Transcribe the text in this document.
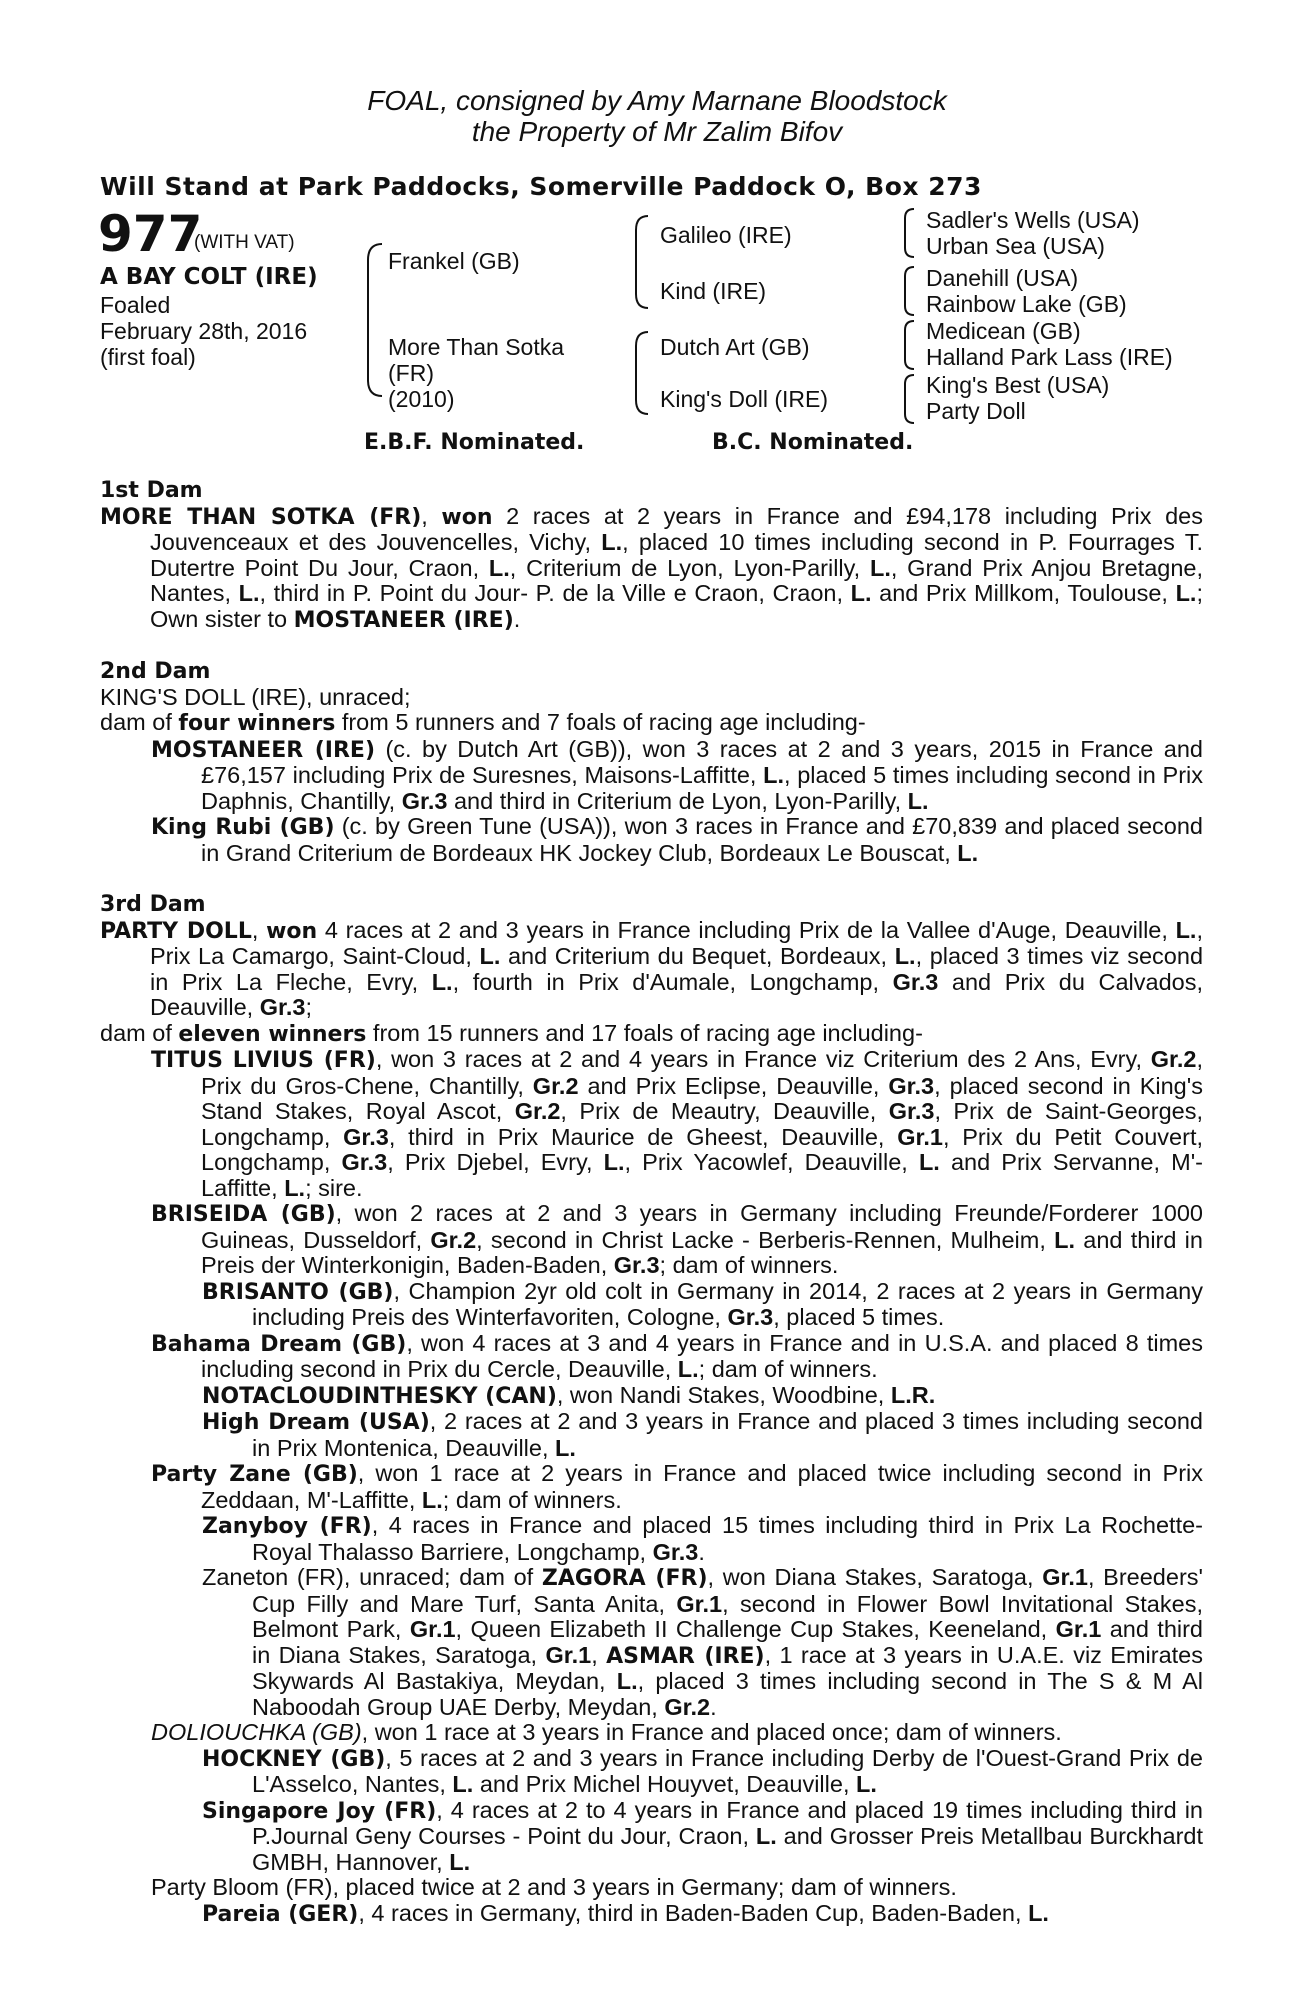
FOAL, consigned by Amy Marnane Bloodstock
the Property of Mr Zalim Bifov
Will Stand at Park Paddocks, Somerville Paddock O, Box 273
977
(WITH VAT)
A BAY COLT (IRE)
Foaled
February 28th, 2016
(first foal)
Frankel (GB)
More Than Sotka
(FR)
(2010)
Galileo (IRE)
Kind (IRE)
Dutch Art (GB)
King's Doll (IRE)
Sadler's Wells (USA)
Urban Sea (USA)
Danehill (USA)
Rainbow Lake (GB)
Medicean (GB)
Halland Park Lass (IRE)
King's Best (USA)
Party Doll
E.B.F. Nominated.	B.C. Nominated.
1st Dam

MORE THAN SOTKA (FR), won 2 races at 2 years in France and £94,178 including Prix des Jouvenceaux et des Jouvencelles, Vichy, L., placed 10 times including second in P. Fourrages T. Dutertre Point Du Jour, Craon, L., Criterium de Lyon, Lyon-Parilly, L., Grand Prix Anjou Bretagne, Nantes, L., third in P. Point du Jour- P. de la Ville e Craon, Craon, L. and Prix Millkom, Toulouse, L.; Own sister to MOSTANEER (IRE).

2nd Dam

KING'S DOLL (IRE), unraced;

dam of four winners from 5 runners and 7 foals of racing age including-

MOSTANEER (IRE) (c. by Dutch Art (GB)), won 3 races at 2 and 3 years, 2015 in France and £76,157 including Prix de Suresnes, Maisons-Laffitte, L., placed 5 times including second in Prix Daphnis, Chantilly, Gr.3 and third in Criterium de Lyon, Lyon-Parilly, L.

King Rubi (GB) (c. by Green Tune (USA)), won 3 races in France and £70,839 and placed second in Grand Criterium de Bordeaux HK Jockey Club, Bordeaux Le Bouscat, L.

3rd Dam

PARTY DOLL, won 4 races at 2 and 3 years in France including Prix de la Vallee d'Auge, Deauville, L., Prix La Camargo, Saint-Cloud, L. and Criterium du Bequet, Bordeaux, L., placed 3 times viz second in Prix La Fleche, Evry, L., fourth in Prix d'Aumale, Longchamp, Gr.3 and Prix du Calvados, Deauville, Gr.3;

dam of eleven winners from 15 runners and 17 foals of racing age including-

TITUS LIVIUS (FR), won 3 races at 2 and 4 years in France viz Criterium des 2 Ans, Evry, Gr.2, Prix du Gros-Chene, Chantilly, Gr.2 and Prix Eclipse, Deauville, Gr.3, placed second in King's Stand Stakes, Royal Ascot, Gr.2, Prix de Meautry, Deauville, Gr.3, Prix de Saint-Georges, Longchamp, Gr.3, third in Prix Maurice de Gheest, Deauville, Gr.1, Prix du Petit Couvert, Longchamp, Gr.3, Prix Djebel, Evry, L., Prix Yacowlef, Deauville, L. and Prix Servanne, M'-Laffitte, L.; sire.

BRISEIDA (GB), won 2 races at 2 and 3 years in Germany including Freunde/Forderer 1000 Guineas, Dusseldorf, Gr.2, second in Christ Lacke - Berberis-Rennen, Mulheim, L. and third in Preis der Winterkonigin, Baden-Baden, Gr.3; dam of winners.

BRISANTO (GB), Champion 2yr old colt in Germany in 2014, 2 races at 2 years in Germany including Preis des Winterfavoriten, Cologne, Gr.3, placed 5 times.

Bahama Dream (GB), won 4 races at 3 and 4 years in France and in U.S.A. and placed 8 times including second in Prix du Cercle, Deauville, L.; dam of winners.

NOTACLOUDINTHESKY (CAN), won Nandi Stakes, Woodbine, L.R.

High Dream (USA), 2 races at 2 and 3 years in France and placed 3 times including second in Prix Montenica, Deauville, L.

Party Zane (GB), won 1 race at 2 years in France and placed twice including second in Prix Zeddaan, M'-Laffitte, L.; dam of winners.

Zanyboy (FR), 4 races in France and placed 15 times including third in Prix La Rochette-Royal Thalasso Barriere, Longchamp, Gr.3.

Zaneton (FR), unraced; dam of ZAGORA (FR), won Diana Stakes, Saratoga, Gr.1, Breeders' Cup Filly and Mare Turf, Santa Anita, Gr.1, second in Flower Bowl Invitational Stakes, Belmont Park, Gr.1, Queen Elizabeth II Challenge Cup Stakes, Keeneland, Gr.1 and third in Diana Stakes, Saratoga, Gr.1, ASMAR (IRE), 1 race at 3 years in U.A.E. viz Emirates Skywards Al Bastakiya, Meydan, L., placed 3 times including second in The S & M Al Naboodah Group UAE Derby, Meydan, Gr.2.

DOLIOUCHKA (GB), won 1 race at 3 years in France and placed once; dam of winners.

HOCKNEY (GB), 5 races at 2 and 3 years in France including Derby de l'Ouest-Grand Prix de L'Asselco, Nantes, L. and Prix Michel Houyvet, Deauville, L.

Singapore Joy (FR), 4 races at 2 to 4 years in France and placed 19 times including third in P.Journal Geny Courses - Point du Jour, Craon, L. and Grosser Preis Metallbau Burckhardt GMBH, Hannover, L.

Party Bloom (FR), placed twice at 2 and 3 years in Germany; dam of winners.

Pareia (GER), 4 races in Germany, third in Baden-Baden Cup, Baden-Baden, L.
